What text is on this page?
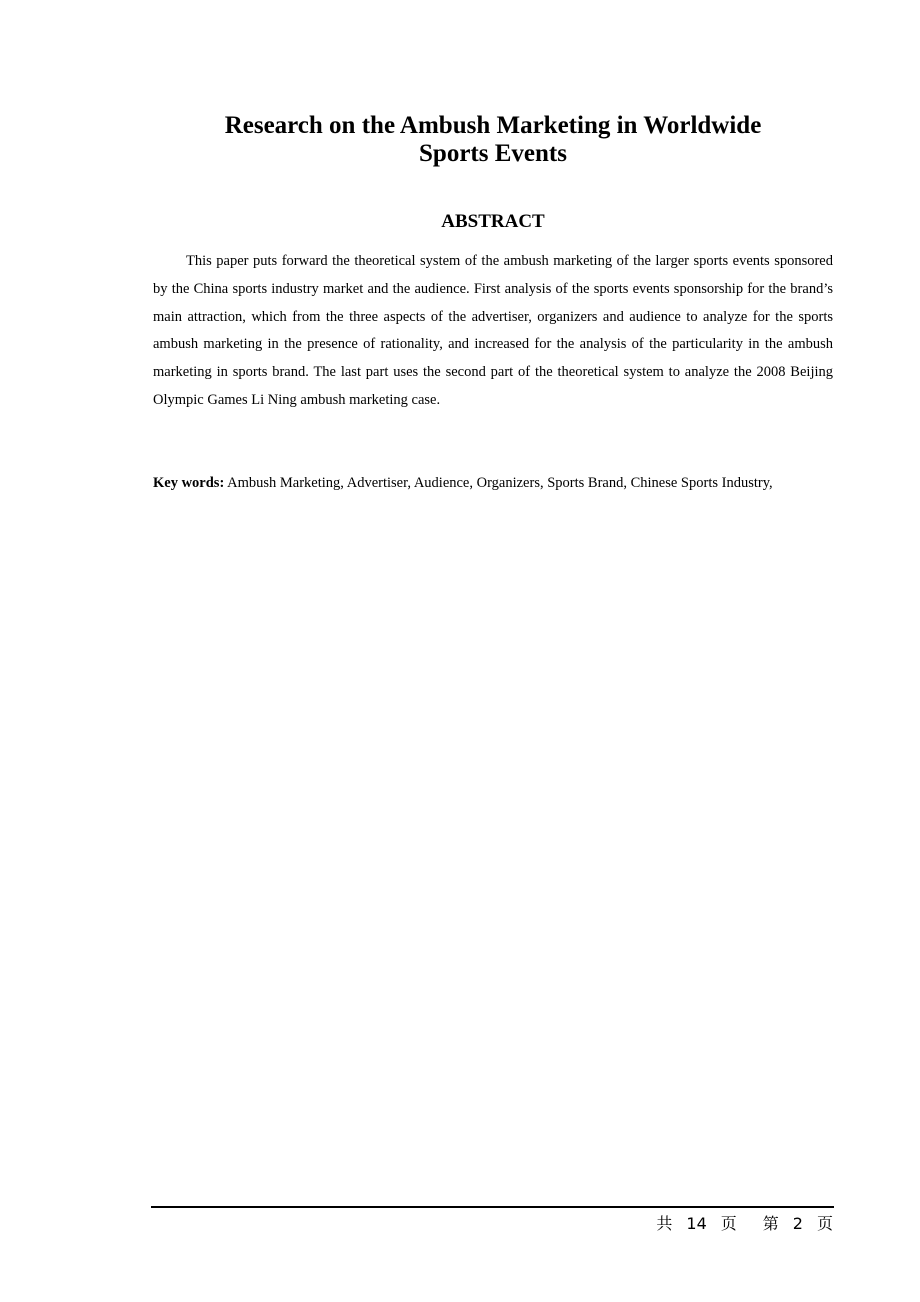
Research on the Ambush Marketing in Worldwide
Sports Events
ABSTRACT

This paper puts forward the theoretical system of the ambush marketing of the larger sports events sponsored by the China sports industry market and the audience. First analysis of the sports events sponsorship for the brand’s main attraction, which from the three aspects of the advertiser, organizers and audience to analyze for the sports ambush marketing in the presence of rationality, and increased for the analysis of the particularity in the ambush marketing in sports brand. The last part uses the second part of the theoretical system to analyze the 2008 Beijing Olympic Games Li Ning ambush marketing case.

Key words: Ambush Marketing, Advertiser, Audience, Organizers, Sports Brand, Chinese Sports Industry,

共 14 页 第 2 页
